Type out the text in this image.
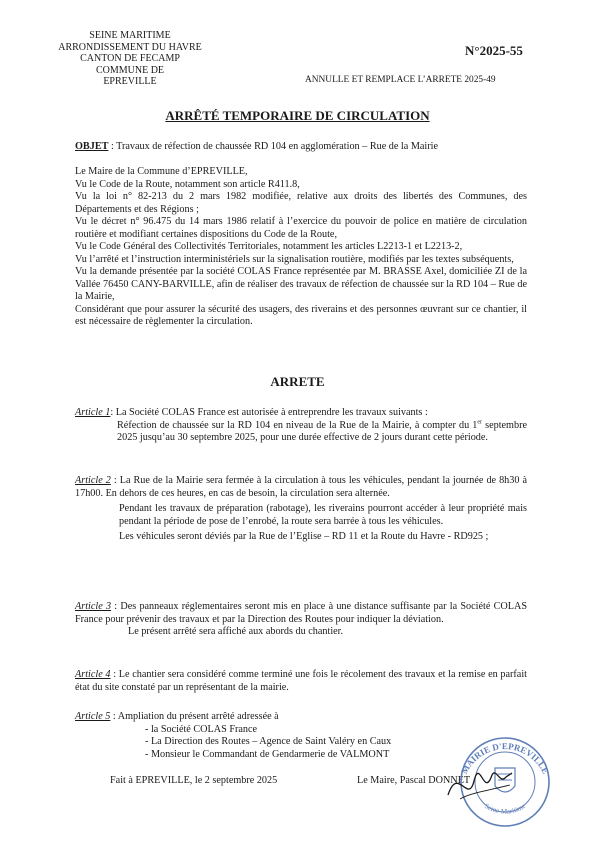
SEINE MARITIME
ARRONDISSEMENT DU HAVRE
CANTON DE FECAMP
COMMUNE DE
EPREVILLE
N°2025-55
ANNULLE ET REMPLACE L’ARRETE 2025-49
ARRÊTÉ TEMPORAIRE DE CIRCULATION
OBJET : Travaux de réfection de chaussée RD 104 en agglomération – Rue de la Mairie
Le Maire de la Commune d’EPREVILLE,
Vu le Code de la Route, notamment son article R411.8,
Vu la loi n° 82-213 du 2 mars 1982 modifiée, relative aux droits des libertés des Communes, des Départements et des Régions ;
Vu le décret n° 96.475 du 14 mars 1986 relatif à l’exercice du pouvoir de police en matière de circulation routière et modifiant certaines dispositions du Code de la Route,
Vu le Code Général des Collectivités Territoriales, notamment les articles L2213-1 et L2213-2,
Vu l’arrêté et l’instruction interministériels sur la signalisation routière, modifiés par les textes subséquents,
Vu la demande présentée par la société COLAS France représentée par M. BRASSE Axel, domiciliée ZI de la Vallée 76450 CANY-BARVILLE, afin de réaliser des travaux de réfection de chaussée sur la RD 104 – Rue de la Mairie,
Considérant que pour assurer la sécurité des usagers, des riverains et des personnes œuvrant sur ce chantier, il est nécessaire de règlementer la circulation.
ARRETE
Article 1: La Société COLAS France est autorisée à entreprendre les travaux suivants :
Réfection de chaussée sur la RD 104 en niveau de la Rue de la Mairie, à compter du 1er septembre 2025 jusqu’au 30 septembre 2025, pour une durée effective de 2 jours durant cette période.
Article 2 : La Rue de la Mairie sera fermée à la circulation à tous les véhicules, pendant la journée de 8h30 à 17h00. En dehors de ces heures, en cas de besoin, la circulation sera alternée.
Pendant les travaux de préparation (rabotage), les riverains pourront accéder à leur propriété mais pendant la période de pose de l’enrobé, la route sera barrée à tous les véhicules.
Les véhicules seront déviés par la Rue de l’Eglise – RD 11 et la Route du Havre - RD925 ;
Article 3 : Des panneaux réglementaires seront mis en place à une distance suffisante par la Société COLAS France pour prévenir des travaux et par la Direction des Routes pour indiquer la déviation.
Le présent arrêté sera affiché aux abords du chantier.
Article 4 : Le chantier sera considéré comme terminé une fois le récolement des travaux et la remise en parfait état du site constaté par un représentant de la mairie.
Article 5 : Ampliation du présent arrêté adressée à
- la Société COLAS France
- La Direction des Routes – Agence de Saint Valéry en Caux
- Monsieur le Commandant de Gendarmerie de VALMONT
Fait à EPREVILLE, le 2 septembre 2025	Le Maire, Pascal DONNET
MAIRIE D'EPREVILLE
Seine-Maritime
